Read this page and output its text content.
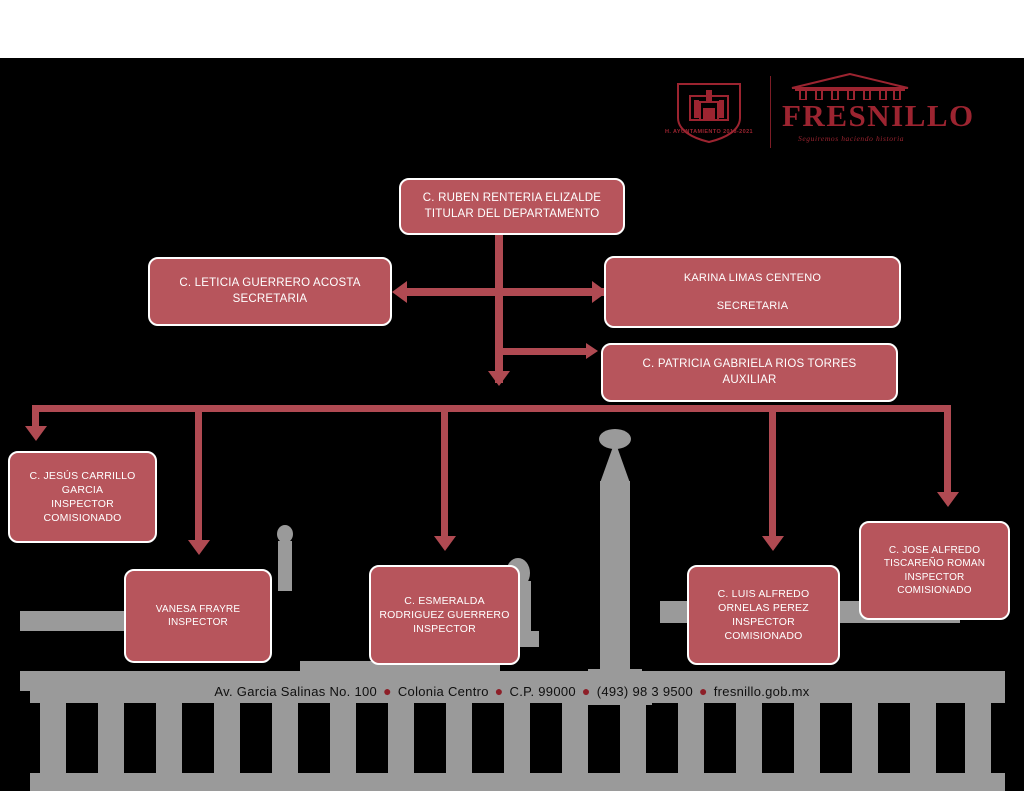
H. AYUNTAMIENTO 2018-2021 FRESNILLO
Seguiremos haciendo historia
C. RUBEN RENTERIA ELIZALDE
TITULAR DEL DEPARTAMENTO
C. LETICIA GUERRERO ACOSTA
SECRETARIA
KARINA LIMAS CENTENO
SECRETARIA
C. PATRICIA GABRIELA RIOS TORRES
AUXILIAR
C. JESÚS CARRILLO GARCIA
INSPECTOR COMISIONADO
VANESA FRAYRE
INSPECTOR
C. ESMERALDA RODRIGUEZ GUERRERO
INSPECTOR
C. LUIS ALFREDO ORNELAS PEREZ
INSPECTOR COMISIONADO
C. JOSE ALFREDO TISCAREÑO ROMAN
INSPECTOR COMISIONADO
Av. Garcia Salinas No. 100 ● Colonia Centro ● C.P. 99000 ● (493) 98 3 9500 ● fresnillo.gob.mx
